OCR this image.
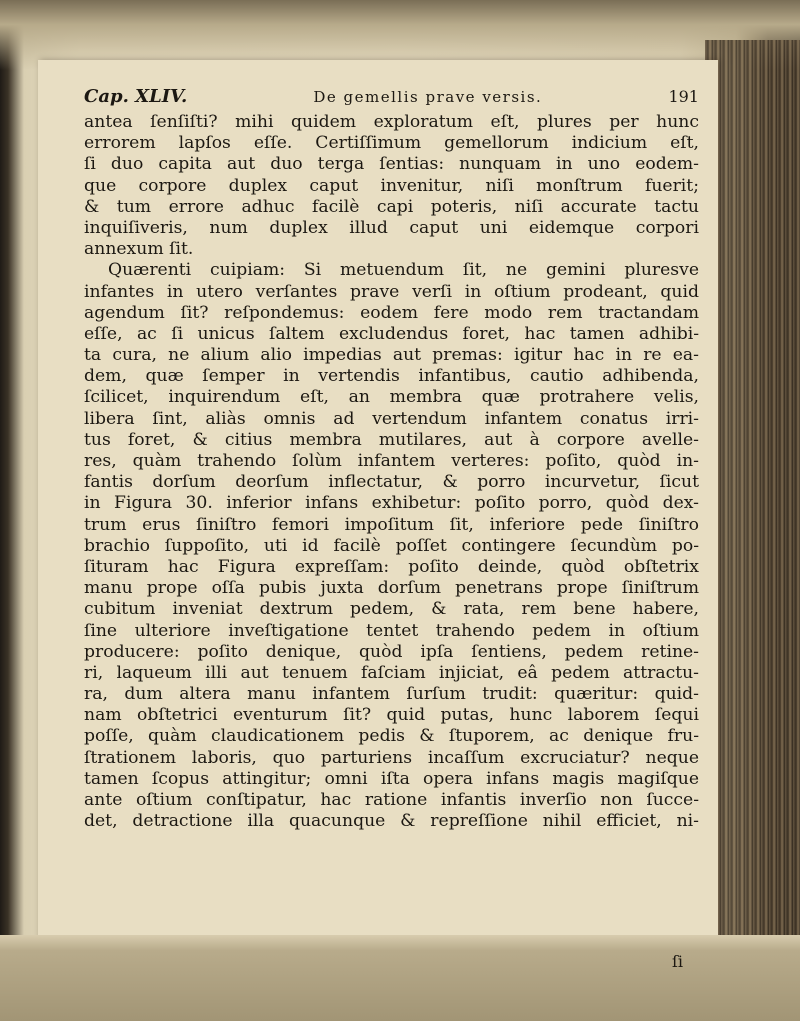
Cap. XLIV.	De gemellis prave versis.	191
antea ſenſiſti? mihi quidem exploratum eſt, plures per hunc
errorem lapſos eſſe. Certiſſimum gemellorum indicium eſt,
ſi duo capita aut duo terga ſentias: nunquam in uno eodem-
que corpore duplex caput invenitur, niſi monſtrum fuerit;
& tum errore adhuc facilè capi poteris, niſi accurate tactu
inquiſiveris, num duplex illud caput uni eidemque corpori
annexum ſit.
Quærenti cuipiam: Si metuendum ſit, ne gemini pluresve
infantes in utero verſantes prave verſi in oſtium prodeant, quid
agendum ſit? reſpondemus: eodem fere modo rem tractandam
eſſe, ac ſi unicus ſaltem excludendus foret, hac tamen adhibi-
ta cura, ne alium alio impedias aut premas: igitur hac in re ea-
dem, quæ ſemper in vertendis infantibus, cautio adhibenda,
ſcilicet, inquirendum eſt, an membra quæ protrahere velis,
libera ſint, aliàs omnis ad vertendum infantem conatus irri-
tus foret, & citius membra mutilares, aut à corpore avelle-
res, quàm trahendo ſolùm infantem verteres: poſito, quòd in-
fantis dorſum deorſum inflectatur, & porro incurvetur, ſicut
in Figura 30. inferior infans exhibetur: poſito porro, quòd dex-
trum erus ſiniſtro femori impoſitum ſit, inferiore pede ſiniſtro
brachio ſuppoſito, uti id facilè poſſet contingere ſecundùm po-
ſituram hac Figura expreſſam: poſito deinde, quòd obſtetrix
manu prope oſſa pubis juxta dorſum penetrans prope ſiniſtrum
cubitum inveniat dextrum pedem, & rata, rem bene habere,
ſine ulteriore inveſtigatione tentet trahendo pedem in oſtium
producere: poſito denique, quòd ipſa ſentiens, pedem retine-
ri, laqueum illi aut tenuem faſciam injiciat, eâ pedem attractu-
ra, dum altera manu infantem ſurſum trudit: quæritur: quid-
nam obſtetrici eventurum ſit? quid putas, hunc laborem ſequi
poſſe, quàm claudicationem pedis & ſtuporem, ac denique fru-
ſtrationem laboris, quo parturiens incaſſum excruciatur? neque
tamen ſcopus attingitur; omni iſta opera infans magis magiſque
ante oſtium conſtipatur, hac ratione infantis inverſio non ſucce-
det, detractione illa quacunque & repreſſione nihil efficiet, ni-
ſi
